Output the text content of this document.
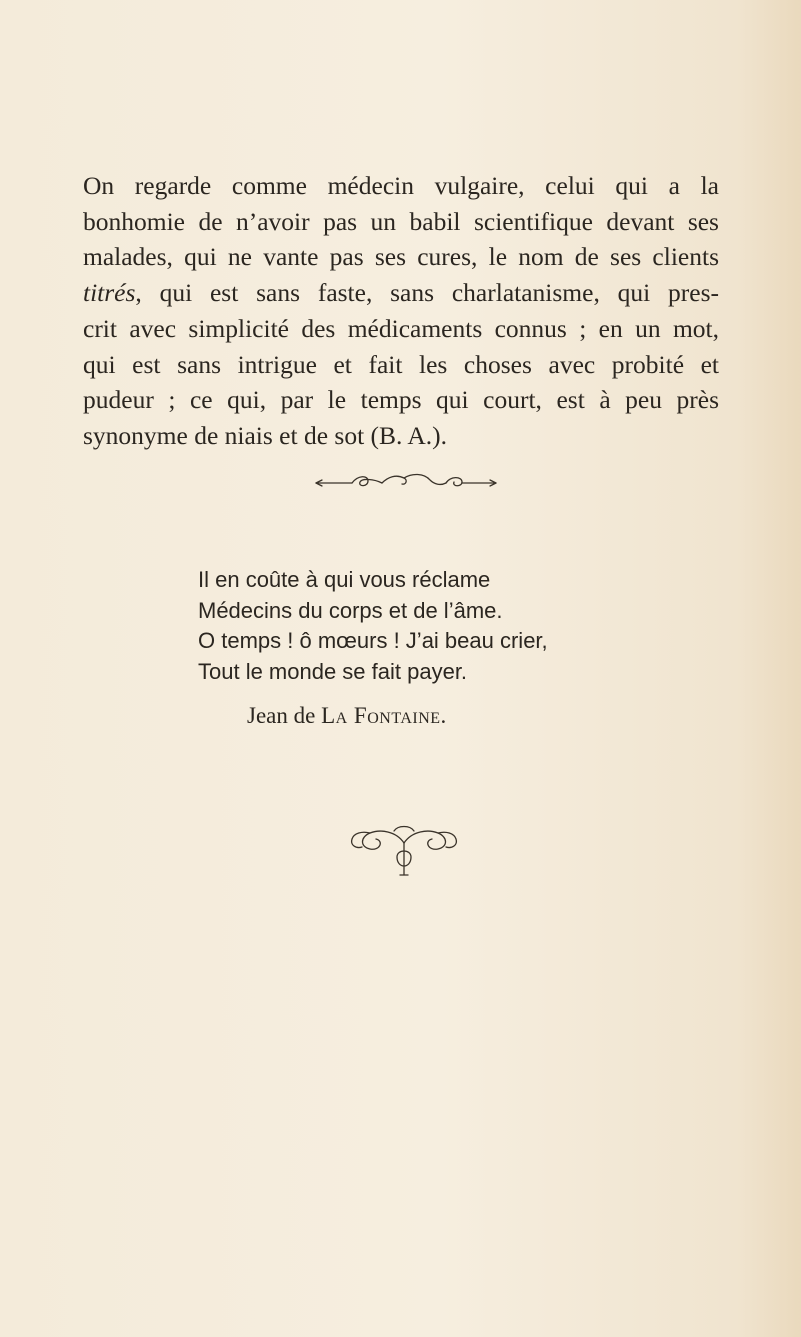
On regarde comme médecin vulgaire, celui qui a la
bonhomie de n’avoir pas un babil scientifique devant ses
malades, qui ne vante pas ses cures, le nom de ses clients
titrés, qui est sans faste, sans charlatanisme, qui pres-
crit avec simplicité des médicaments connus ; en un mot,
qui est sans intrigue et fait les choses avec probité et
pudeur ; ce qui, par le temps qui court, est à peu près
synonyme de niais et de sot (B. A.).
Il en coûte à qui vous réclame
Médecins du corps et de l’âme.
O temps ! ô mœurs ! J’ai beau crier,
Tout le monde se fait payer.
Jean de La Fontaine.
